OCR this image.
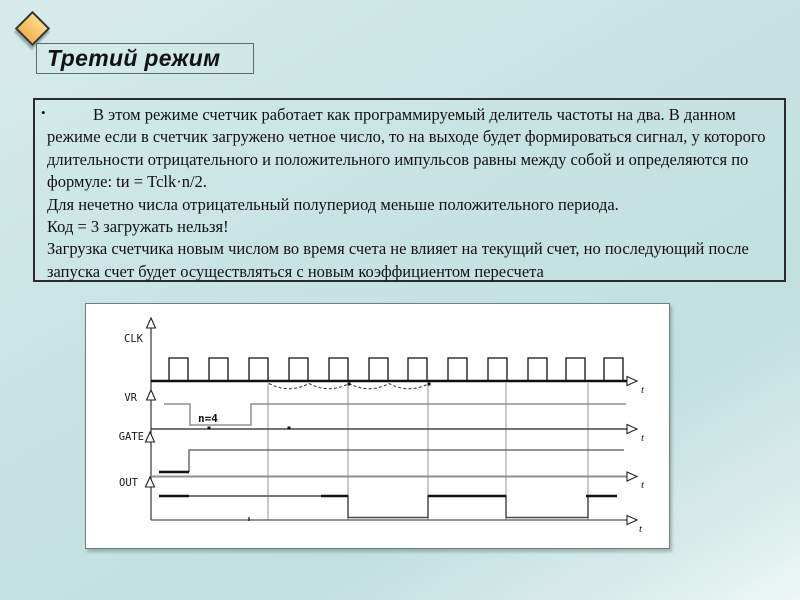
Третий режим
•	В этом режиме счетчик работает как программируемый делитель частоты на два. В данном режиме если в счетчик загружено четное число, то на выходе будет формироваться сигнал, у которого длительности отрицательного и положительного импульсов равны между собой и определяются по формуле: tи = Tclk·n/2.

Для нечетно числа отрицательный полупериод меньше положительного периода.

Код = 3 загружать нельзя!

Загрузка счетчика новым числом во время счета не влияет на текущий счет, но последующий после запуска счет будет осуществляться с новым коэффициентом пересчета

CLK
VR
GATE
OUT
n=4
t
t
t
t
